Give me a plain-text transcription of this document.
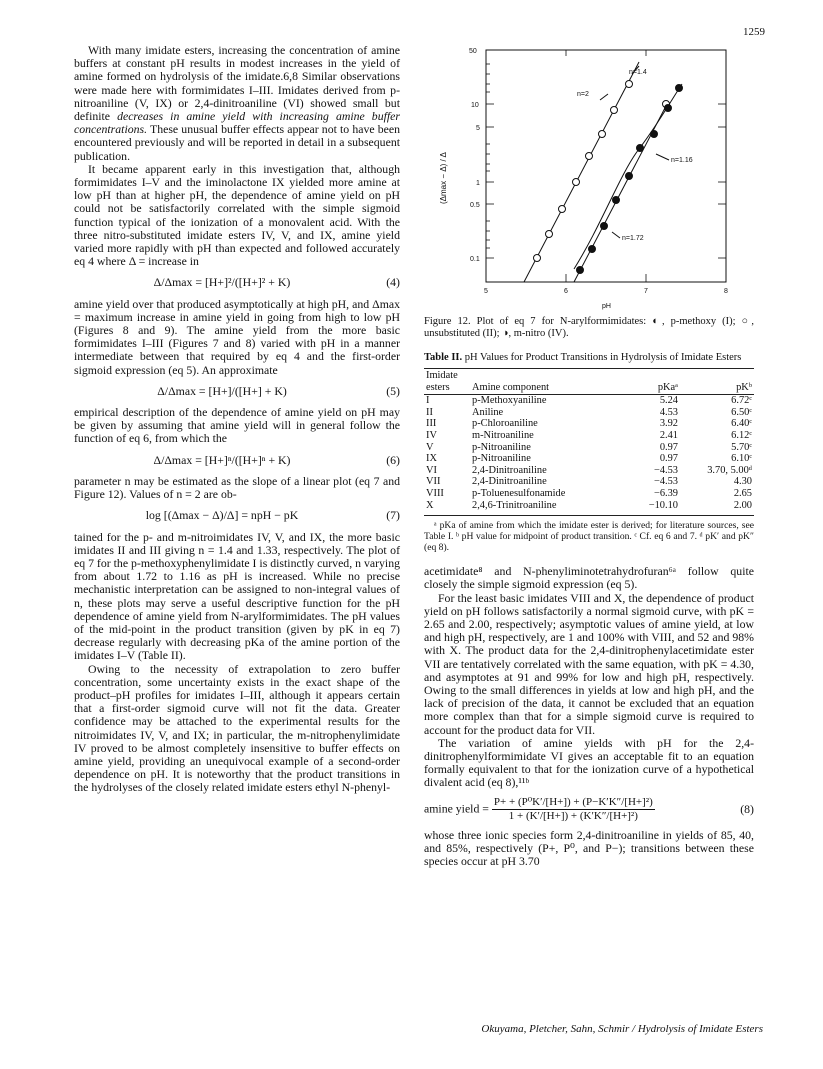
1259

With many imidate esters, increasing the concentration of amine buffers at constant pH results in modest increases in the yield of amine formed on hydrolysis of the imidate.6,8 Similar observations were made here with formimidates I–III. Imidates derived from p-nitroaniline (V, IX) or 2,4-dinitroaniline (VI) showed small but definite decreases in amine yield with increasing amine buffer concentrations. These unusual buffer effects appear not to have been encountered previously and will be reported in detail in a subsequent publication.

It became apparent early in this investigation that, although formimidates I–V and the iminolactone IX yielded more amine at low pH than at higher pH, the dependence of amine yield on pH could not be satisfactorily correlated with the simple sigmoid function typical of the ionization of a monovalent acid. With the three nitro-substituted imidate esters IV, V, and IX, amine yield varied more rapidly with pH than expected and followed accurately eq 4 where Δ = increase in

Δ/Δmax = [H+]²/([H+]² + K)	(4)

amine yield over that produced asymptotically at high pH, and Δmax = maximum increase in amine yield in going from high to low pH (Figures 8 and 9). The amine yield from the more basic formimidates I–III (Figures 7 and 8) varied with pH in a manner intermediate between that required by eq 4 and the first-order sigmoid expression (eq 5). An approximate

Δ/Δmax = [H+]/([H+] + K)	(5)

empirical description of the dependence of amine yield on pH may be given by assuming that amine yield will in general follow the function of eq 6, from which the

Δ/Δmax = [H+]ⁿ/([H+]ⁿ + K)	(6)

parameter n may be estimated as the slope of a linear plot (eq 7 and Figure 12). Values of n = 2 are ob-

log [(Δmax − Δ)/Δ] = npH − pK	(7)

tained for the p- and m-nitroimidates IV, V, and IX, the more basic imidates II and III giving n = 1.4 and 1.33, respectively. The plot of eq 7 for the p-methoxyphenylimidate I is distinctly curved, n varying from about 1.72 to 1.16 as pH is increased. While no precise mechanistic interpretation can be assigned to non-integral values of n, these plots may serve a useful descriptive function for the pH dependence of amine yield from N-arylformimidates. The pH values of the mid-point in the product transition (given by pK in eq 7) decrease regularly with decreasing pKa of the amine portion of the imidates I–V (Table II).

Owing to the necessity of extrapolation to zero buffer concentration, some uncertainty exists in the exact shape of the product–pH profiles for imidates I–III, although it appears certain that a first-order sigmoid curve will not fit the data. Greater confidence may be attached to the experimental results for the nitroimidates IV, V, and IX; in particular, the m-nitrophenylimidate IV proved to be almost completely insensitive to buffer effects on amine yield, providing an unequivocal example of a second-order dependence on pH. It is noteworthy that the product transitions in the hydrolyses of the closely related imidate esters ethyl N-phenyl-

50
10
5
1
0.5
0.1
5	6	7	8
pH
(Δmax − Δ) / Δ
n=1.4
n=2
n=1.16
n=1.72

Figure 12. Plot of eq 7 for N-arylformimidates: ◐, p-methoxy (I); ○, unsubstituted (II); ◑, m-nitro (IV).

Table II. pH Values for Product Transitions in Hydrolysis of Imidate Esters

Imidate esters	Amine component	pKaᵃ	pKᵇ
I	p-Methoxyaniline	5.24	6.72ᶜ
II	Aniline	4.53	6.50ᶜ
III	p-Chloroaniline	3.92	6.40ᶜ
IV	m-Nitroaniline	2.41	6.12ᶜ
V	p-Nitroaniline	0.97	5.70ᶜ
IX	p-Nitroaniline	0.97	6.10ᶜ
VI	2,4-Dinitroaniline	−4.53	3.70, 5.00ᵈ
VII	2,4-Dinitroaniline	−4.53	4.30
VIII	p-Toluenesulfonamide	−6.39	2.65
X	2,4,6-Trinitroaniline	−10.10	2.00

ᵃ pKa of amine from which the imidate ester is derived; for literature sources, see Table I. ᵇ pH value for midpoint of product transition. ᶜ Cf. eq 6 and 7. ᵈ pK′ and pK″ (eq 8).

acetimidate⁸ and N-phenyliminotetrahydrofuran⁶ᵃ follow quite closely the simple sigmoid expression (eq 5).

For the least basic imidates VIII and X, the dependence of product yield on pH follows satisfactorily a normal sigmoid curve, with pK = 2.65 and 2.00, respectively; asymptotic values of amine yield, at low and high pH, respectively, are 1 and 100% with VIII, and 52 and 98% with X. The product data for the 2,4-dinitrophenylacetimidate ester VII are tentatively correlated with the same equation, with pK = 4.30, and asymptotes at 91 and 99% for low and high pH, respectively. Owing to the small differences in yields at low and high pH, and the lack of precision of the data, it cannot be excluded that an equation more complex than that for a simple sigmoid curve is required to account for the product data for VII.

The variation of amine yields with pH for the 2,4-dinitrophenylformimidate VI gives an acceptable fit to an equation formally equivalent to that for the ionization curve of a hypothetical divalent acid (eq 8),¹¹ᵇ

amine yield = $\frac{\text{P+ + (P⁰K′/[H+]) + (P−K′K″/[H+]²)}}{\text{1 + (K′/[H+]) + (K′K″/[H+]²)}}$	(8)

whose three ionic species form 2,4-dinitroaniline in yields of 85, 40, and 85%, respectively (P+, P⁰, and P−); transitions between these species occur at pH 3.70

Okuyama, Pletcher, Sahn, Schmir / Hydrolysis of Imidate Esters
